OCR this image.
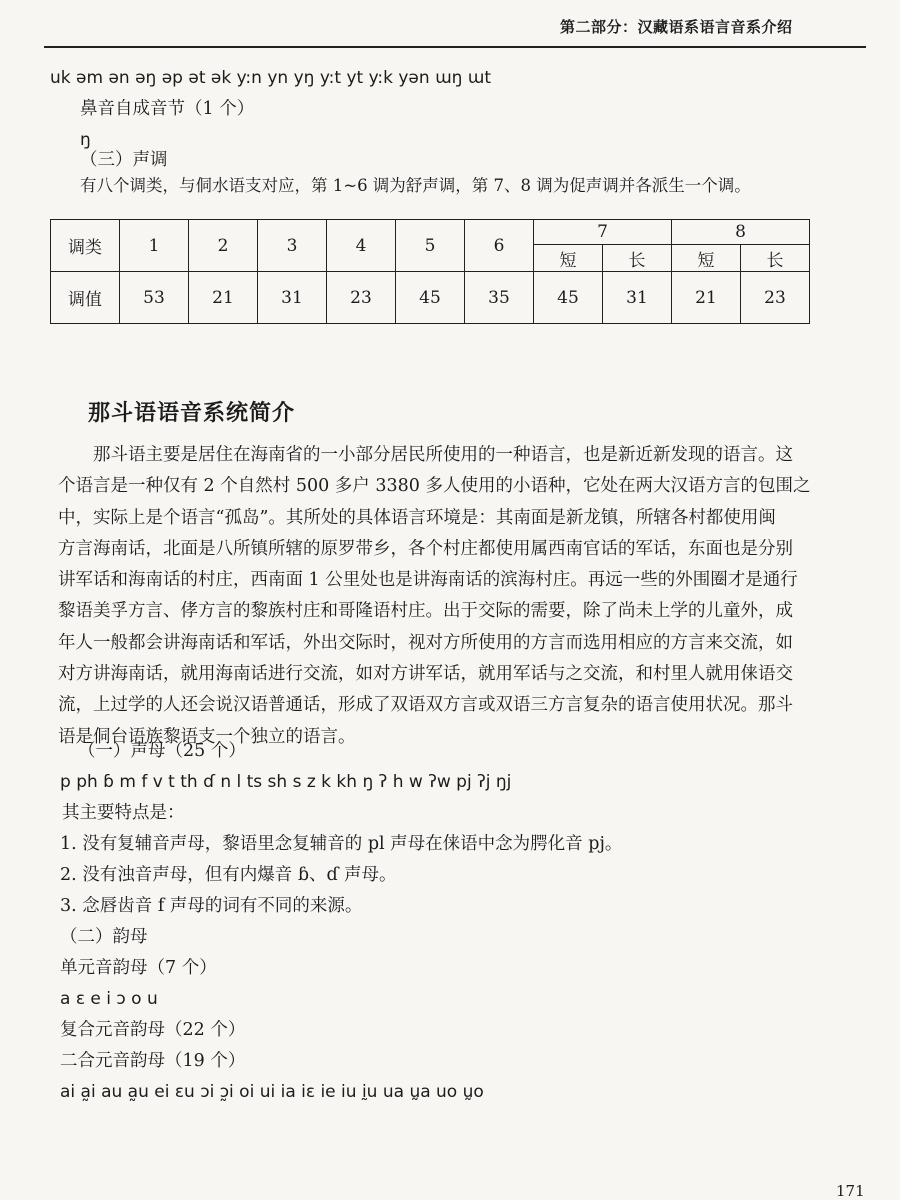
第二部分：汉藏语系语言音系介绍
uk əm ən əŋ əp ət ək y:n yn yŋ y:t yt y:k yən ɯŋ ɯt
鼻音自成音节（1 个）
ŋ
（三）声调
有八个调类，与侗水语支对应，第 1~6 调为舒声调，第 7、8 调为促声调并各派生一个调。
调类	1	2	3	4	5	6	7		8	
							短	长	短	长
调值	53	21	31	23	45	35	45	31	21	23
那斗语语音系统简介

　　那斗语主要是居住在海南省的一小部分居民所使用的一种语言，也是新近新发现的语言。这
个语言是一种仅有 2 个自然村 500 多户 3380 多人使用的小语种，它处在两大汉语方言的包围之
中，实际上是个语言“孤岛”。其所处的具体语言环境是：其南面是新龙镇，所辖各村都使用闽
方言海南话，北面是八所镇所辖的原罗带乡，各个村庄都使用属西南官话的军话，东面也是分别
讲军话和海南话的村庄，西南面 1 公里处也是讲海南话的滨海村庄。再远一些的外围圈才是通行
黎语美孚方言、侾方言的黎族村庄和哥隆语村庄。出于交际的需要，除了尚未上学的儿童外，成
年人一般都会讲海南话和军话，外出交际时，视对方所使用的方言而选用相应的方言来交流，如
对方讲海南话，就用海南话进行交流，如对方讲军话，就用军话与之交流，和村里人就用俫语交
流，上过学的人还会说汉语普通话，形成了双语双方言或双语三方言复杂的语言使用状况。那斗
语是侗台语族黎语支一个独立的语言。

（一）声母（25 个）
p ph ɓ m f v t th ɗ n l ts sh s z k kh ŋ ʔ h w ʔw pj ʔj ŋj
其主要特点是：
1. 没有复辅音声母，黎语里念复辅音的 pl 声母在俫语中念为腭化音 pj。
2. 没有浊音声母，但有内爆音 ɓ、ɗ 声母。
3. 念唇齿音 f 声母的词有不同的来源。
（二）韵母
单元音韵母（7 个）
a ɛ e i ɔ o u
复合元音韵母（22 个）
二合元音韵母（19 个）
ai a̰i au a̰u ei ɛu ɔi ɔ̰i oi ui ia iɛ ie iu ḭu ua ṵa uo ṵo
171
